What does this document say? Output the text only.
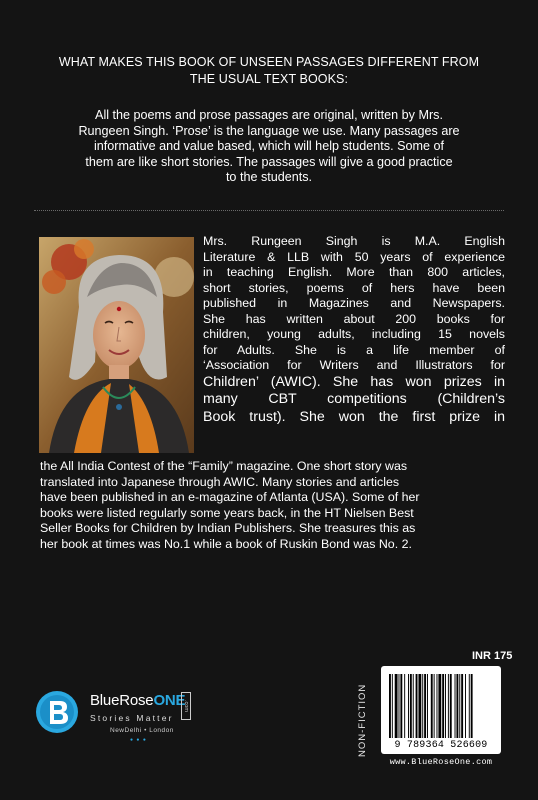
WHAT MAKES THIS BOOK OF UNSEEN PASSAGES DIFFERENT FROM
THE USUAL TEXT BOOKS:
All the poems and prose passages are original, written by Mrs.
Rungeen Singh. ‘Prose’ is the language we use. Many passages are
informative and value based, which will help students. Some of
them are like short stories. The passages will give a good practice
to the students.
Mrs. Rungeen Singh is M.A. English
Literature & LLB with 50 years of experience
in teaching English. More than 800 articles,
short stories, poems of hers have been
published in Magazines and Newspapers.
She has written about 200 books for
children, young adults, including 15 novels
for Adults. She is a life member of
‘Association for Writers and Illustrators for
Children’ (AWIC). She has won prizes in
many CBT competitions (Children’s
Book trust). She won the first prize in
the All India Contest of the “Family” magazine. One short story was
translated into Japanese through AWIC. Many stories and articles
have been published in an e-magazine of Atlanta (USA). Some of her
books were listed regularly some years back, in the HT Nielsen Best
Seller Books for Children by Indian Publishers. She treasures this as
her book at times was No.1 while a book of Ruskin Bond was No. 2.
BlueRoseONE
.com
Stories Matter
NewDelhi • London
● ● ●
INR 175
NON-FICTION	9 789364 526609
www.BlueRoseOne.com
